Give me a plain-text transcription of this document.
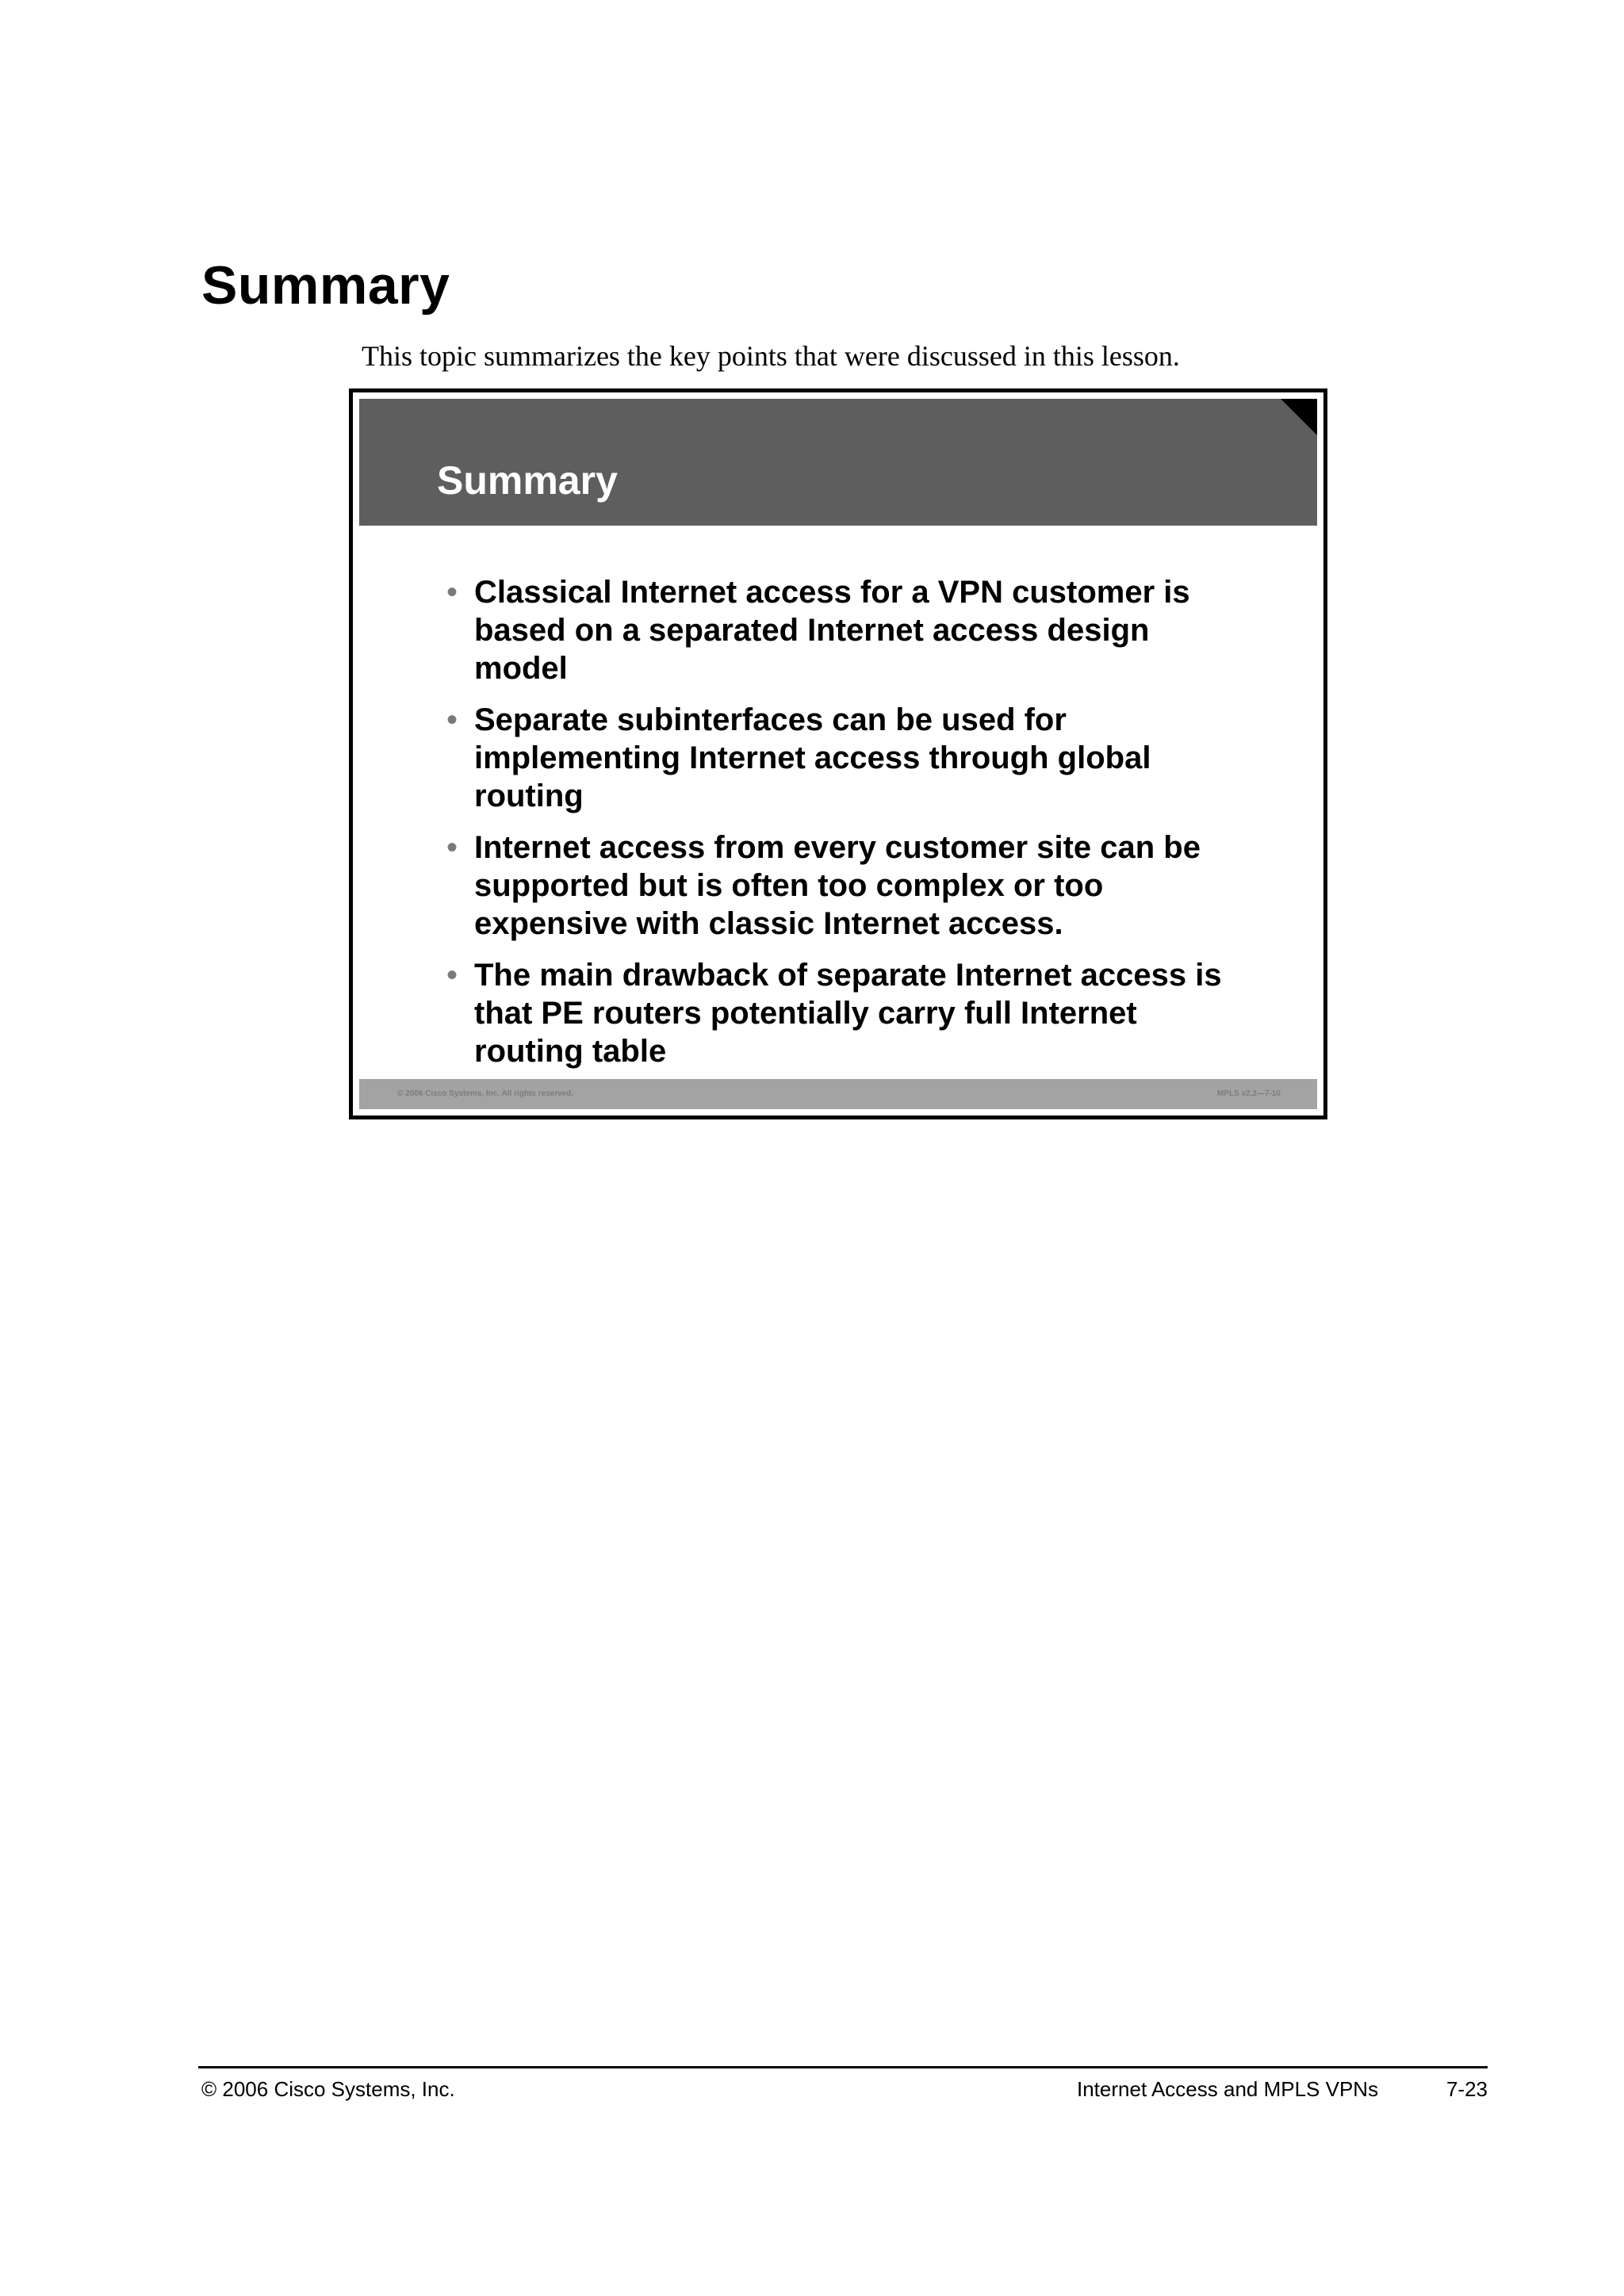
Summary

This topic summarizes the key points that were discussed in this lesson.

Summary
• Classical Internet access for a VPN customer is based on a separated Internet access design model
• Separate subinterfaces can be used for implementing Internet access through global routing
• Internet access from every customer site can be supported but is often too complex or too expensive with classic Internet access.
• The main drawback of separate Internet access is that PE routers potentially carry full Internet routing table
© 2006 Cisco Systems, Inc. All rights reserved.	MPLS v2.2—7-10
© 2006 Cisco Systems, Inc.	Internet Access and MPLS VPNs	7-23
